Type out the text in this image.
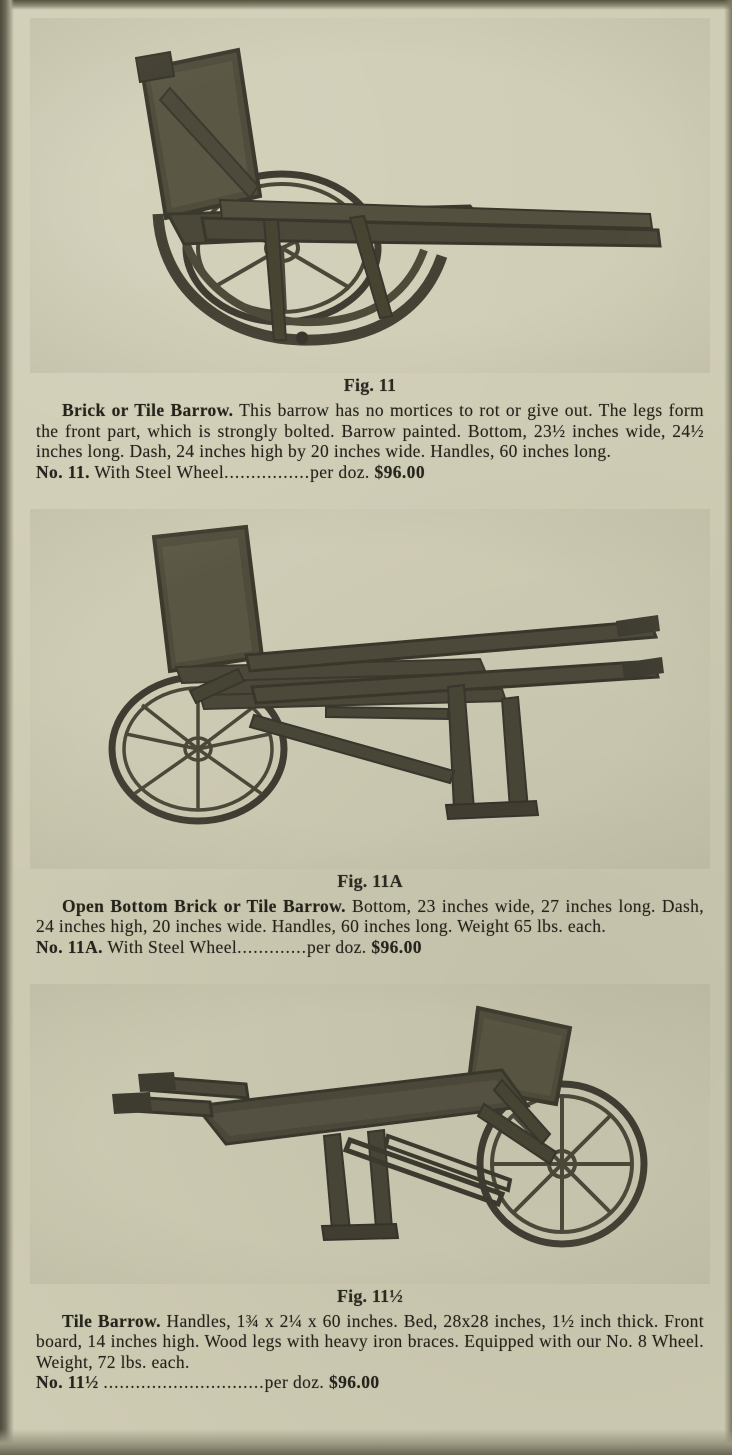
Fig. 11

Brick or Tile Barrow. This barrow has no mortices to rot or give out. The legs form the front part, which is strongly bolted. Barrow painted. Bottom, 23½ inches wide, 24½ inches long. Dash, 24 inches high by 20 inches wide. Handles, 60 inches long.

No. 11. With Steel Wheel................per doz. $96.00
Fig. 11A

Open Bottom Brick or Tile Barrow. Bottom, 23 inches wide, 27 inches long. Dash, 24 inches high, 20 inches wide. Handles, 60 inches long. Weight 65 lbs. each.

No. 11A. With Steel Wheel.............per doz. $96.00
Fig. 11½

Tile Barrow. Handles, 1¾ x 2¼ x 60 inches. Bed, 28x28 inches, 1½ inch thick. Front board, 14 inches high. Wood legs with heavy iron braces. Equipped with our No. 8 Wheel. Weight, 72 lbs. each.

No. 11½ ..............................per doz. $96.00
